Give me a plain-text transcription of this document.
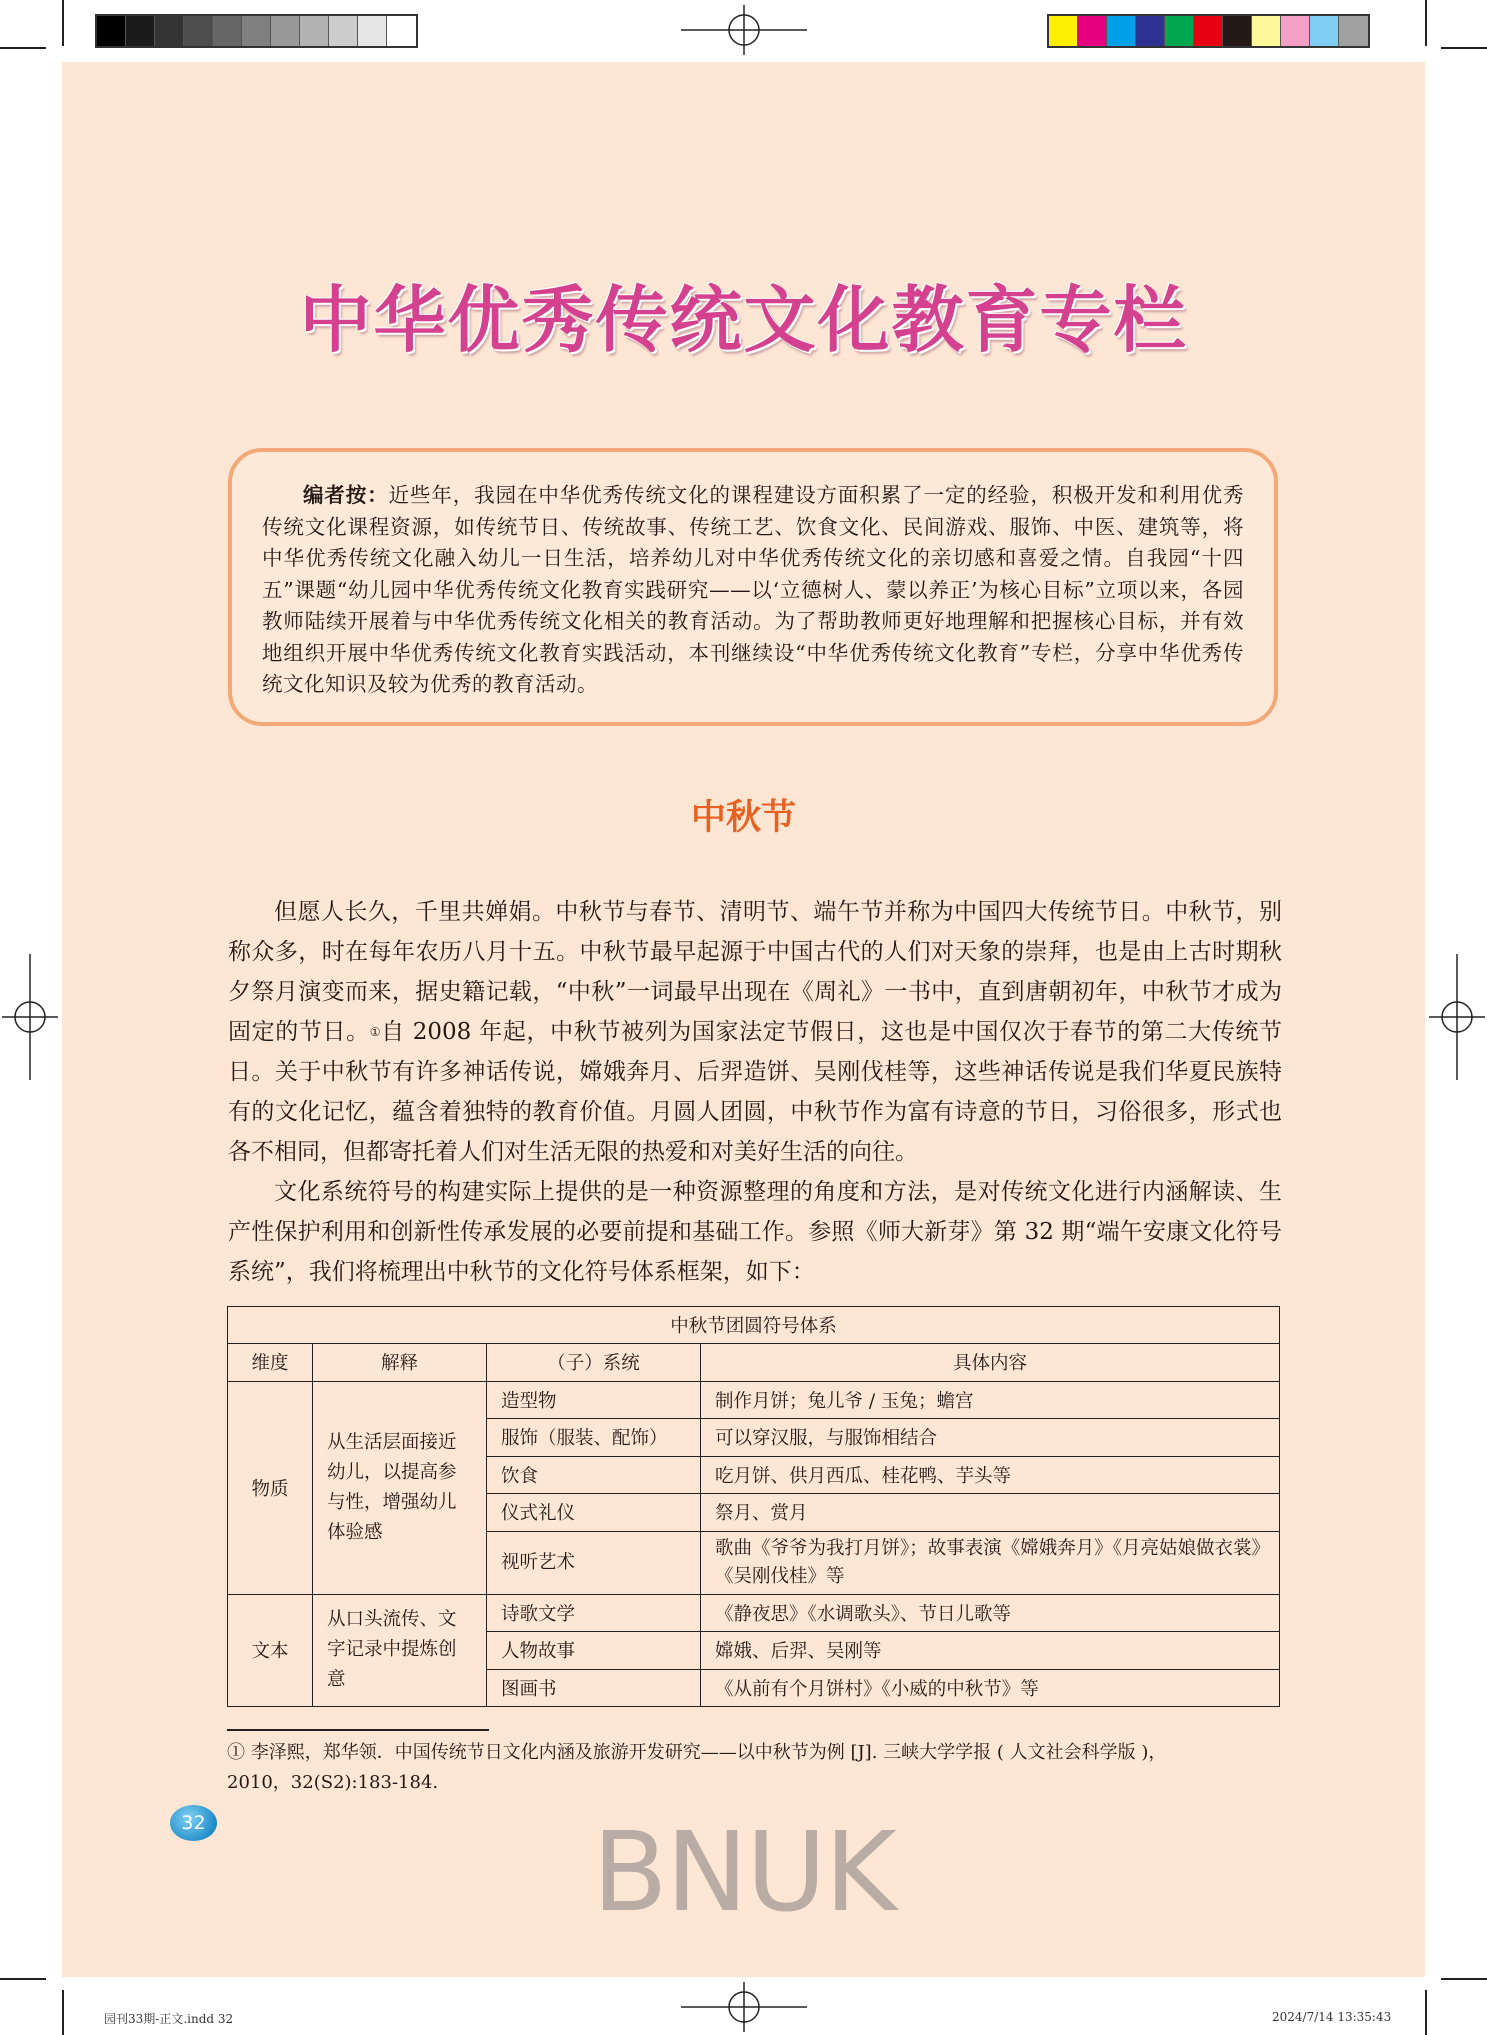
中华优秀传统文化教育专栏

编者按：近些年，我园在中华优秀传统文化的课程建设方面积累了一定的经验，积极开发和利用优秀传统文化课程资源，如传统节日、传统故事、传统工艺、饮食文化、民间游戏、服饰、中医、建筑等，将中华优秀传统文化融入幼儿一日生活，培养幼儿对中华优秀传统文化的亲切感和喜爱之情。自我园“十四五”课题“幼儿园中华优秀传统文化教育实践研究——以‘立德树人、蒙以养正’为核心目标”立项以来，各园教师陆续开展着与中华优秀传统文化相关的教育活动。为了帮助教师更好地理解和把握核心目标，并有效地组织开展中华优秀传统文化教育实践活动，本刊继续设“中华优秀传统文化教育”专栏，分享中华优秀传统文化知识及较为优秀的教育活动。

中秋节

但愿人长久，千里共婵娟。中秋节与春节、清明节、端午节并称为中国四大传统节日。中秋节，别称众多，时在每年农历八月十五。中秋节最早起源于中国古代的人们对天象的崇拜，也是由上古时期秋夕祭月演变而来，据史籍记载，“中秋”一词最早出现在《周礼》一书中，直到唐朝初年，中秋节才成为固定的节日。①自 2008 年起，中秋节被列为国家法定节假日，这也是中国仅次于春节的第二大传统节日。关于中秋节有许多神话传说，嫦娥奔月、后羿造饼、吴刚伐桂等，这些神话传说是我们华夏民族特有的文化记忆，蕴含着独特的教育价值。月圆人团圆，中秋节作为富有诗意的节日，习俗很多，形式也各不相同，但都寄托着人们对生活无限的热爱和对美好生活的向往。

文化系统符号的构建实际上提供的是一种资源整理的角度和方法，是对传统文化进行内涵解读、生产性保护利用和创新性传承发展的必要前提和基础工作。参照《师大新芽》第 32 期“端午安康文化符号系统”，我们将梳理出中秋节的文化符号体系框架，如下：

中秋节团圆符号体系			
维度	解释	（子）系统	具体内容
物质	从生活层面接近幼儿，以提高参与性，增强幼儿体验感	造型物	制作月饼；兔儿爷 / 玉兔；蟾宫
		服饰（服装、配饰）	可以穿汉服，与服饰相结合
		饮食	吃月饼、供月西瓜、桂花鸭、芋头等
		仪式礼仪	祭月、赏月
		视听艺术	歌曲《爷爷为我打月饼》；故事表演《嫦娥奔月》《月亮姑娘做衣裳》《吴刚伐桂》等
文本	从口头流传、文字记录中提炼创意	诗歌文学	《静夜思》《水调歌头》、节日儿歌等
		人物故事	嫦娥、后羿、吴刚等
		图画书	《从前有个月饼村》《小威的中秋节》等
① 李泽熙，郑华领．中国传统节日文化内涵及旅游开发研究——以中秋节为例 [J]. 三峡大学学报 ( 人文社会科学版 )，
2010，32(S2):183-184.
32	BNUK
园刊33期-正文.indd 32	2024/7/14 13:35:43
